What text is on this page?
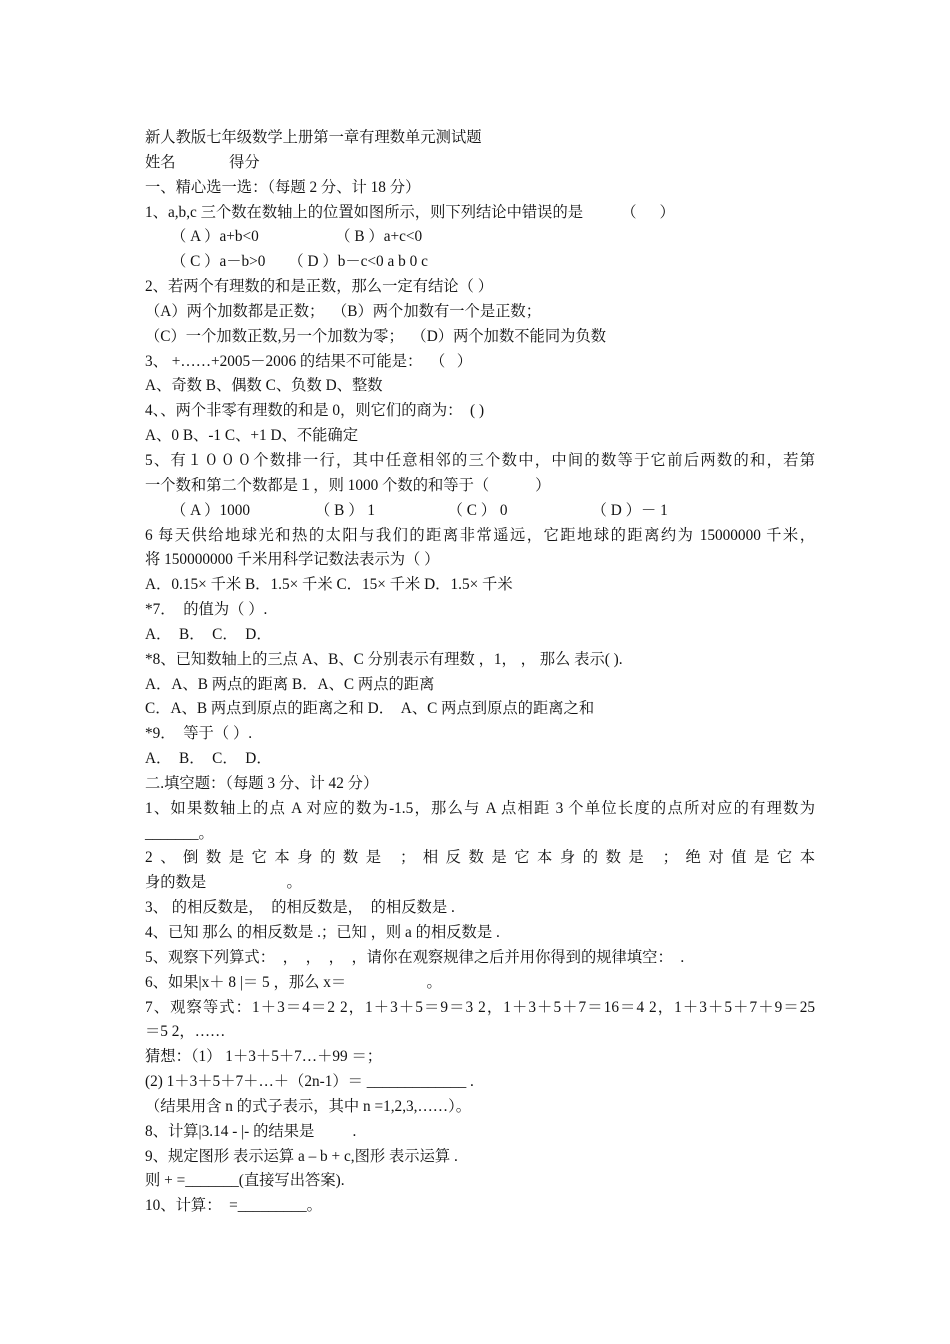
新人教版七年级数学上册第一章有理数单元测试题
姓名              得分
一、精心选一选：（每题 2 分、计 18 分）
1、a,b,c 三个数在数轴上的位置如图所示，则下列结论中错误的是          （      ）
（ A ）a+b<0                    （ B ）a+c<0
（ C ）a－b>0      （ D ）b－c<0 a b 0 c
2、若两个有理数的和是正数，那么一定有结论（ ）
（A）两个加数都是正数；  （B）两个加数有一个是正数；
（C）一个加数正数,另一个加数为零；  （D）两个加数不能同为负数
3、 +……+2005－2006 的结果不可能是：  （   ）
A、奇数 B、偶数 C、负数 D、整数
4、、两个非零有理数的和是 0，则它们的商为：  ( )
A、0 B、-1 C、+1 D、不能确定
5、有１０００个数排一行，其中任意相邻的三个数中，中间的数等于它前后两数的和，若第
一个数和第二个数都是１，则 1000 个数的和等于（            ）
（ A ）1000                 （ B ） 1                   （ C ） 0                      （ D ）－ 1
6 每天供给地球光和热的太阳与我们的距离非常遥远，它距地球的距离约为 15000000 千米，
将 150000000 千米用科学记数法表示为（ ）
A．0.15× 千米 B．1.5× 千米 C．15× 千米 D．1.5× 千米
*7．  的值为（ ）.
A．  B．  C．  D．
*8、已知数轴上的三点 A、B、C 分别表示有理数 ，1， ， 那么 表示( ).
A．A、B 两点的距离 B．A、C 两点的距离
C．A、B 两点到原点的距离之和 D．  A、C 两点到原点的距离之和
*9．  等于（ ）.
A．  B．  C．  D．
二.填空题：（每题 3 分、计 42 分）
1、如果数轴上的点 A 对应的数为-1.5，那么与 A 点相距 3 个单位长度的点所对应的有理数为
_______。
2、倒数是它本身的数是 ；相反数是它本身的数是 ；绝对值是它本
身的数是                     。
3、 的相反数是，  的相反数是，  的相反数是 .
4、已知 那么 的相反数是 .；已知 ，则 a 的相反数是 .
5、观察下列算式：  ，  ，  ，  ，请你在观察规律之后并用你得到的规律填空：  .
6、如果|x＋ 8 |＝ 5 ，那么 x＝                     。
7、观察等式：1＋3＝4＝2 2，1＋3＋5＝9＝3 2，1＋3＋5＋7＝16＝4 2，1＋3＋5＋7＋9＝25
＝5 2，……
猜想：（1） 1＋3＋5＋7…＋99 ＝；
(2) 1＋3＋5＋7＋…＋（2n-1）＝ _____________ .
（结果用含 n 的式子表示，其中 n =1,2,3,……）。
8、计算|3.14 - |- 的结果是          .
9、规定图形 表示运算 a – b + c,图形 表示运算 .
则 + =_______(直接写出答案).
10、计算：  =_________。
